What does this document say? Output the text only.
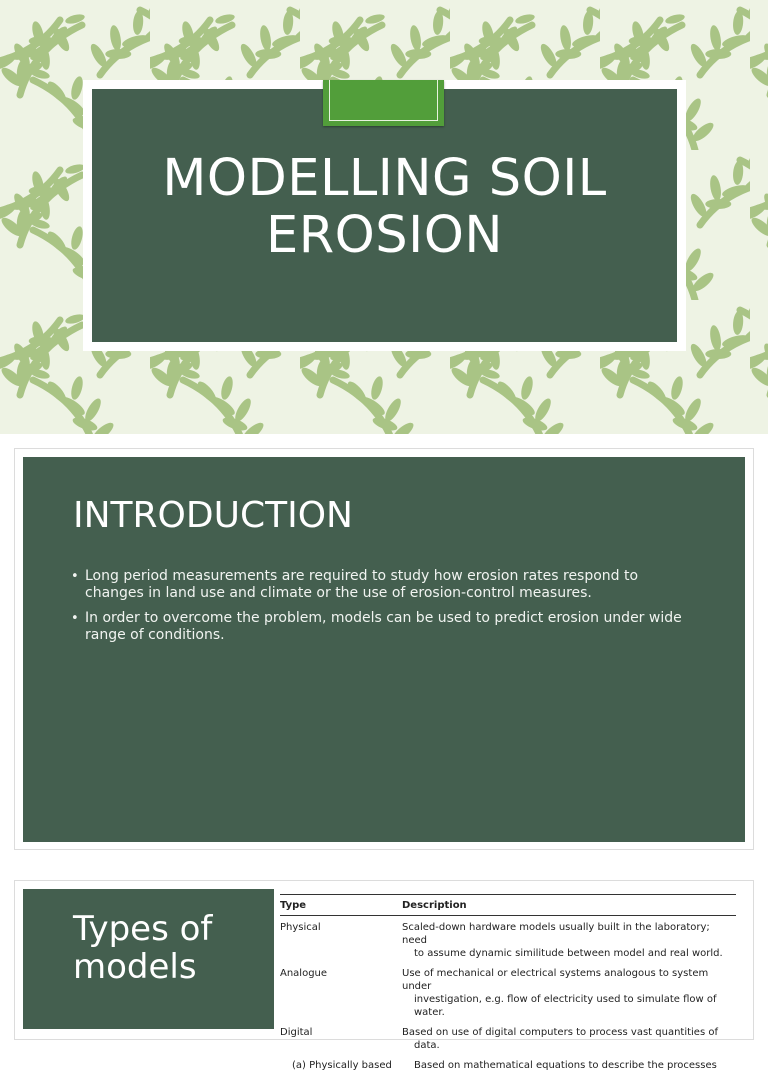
MODELLING SOIL
EROSION
INTRODUCTION
• Long period measurements are required to study how erosion rates respond to changes in land use and climate or the use of erosion-control measures.
• In order to overcome the problem, models can be used to predict erosion under wide range of conditions.
Types of
models
Type	Description
Physical	Scaled-down hardware models usually built in the laboratory; need
to assume dynamic similitude between model and real world.
Analogue	Use of mechanical or electrical systems analogous to system under
investigation, e.g. flow of electricity used to simulate flow of
water.
Digital	Based on use of digital computers to process vast quantities of
data.
(a) Physically based	Based on mathematical equations to describe the processes
